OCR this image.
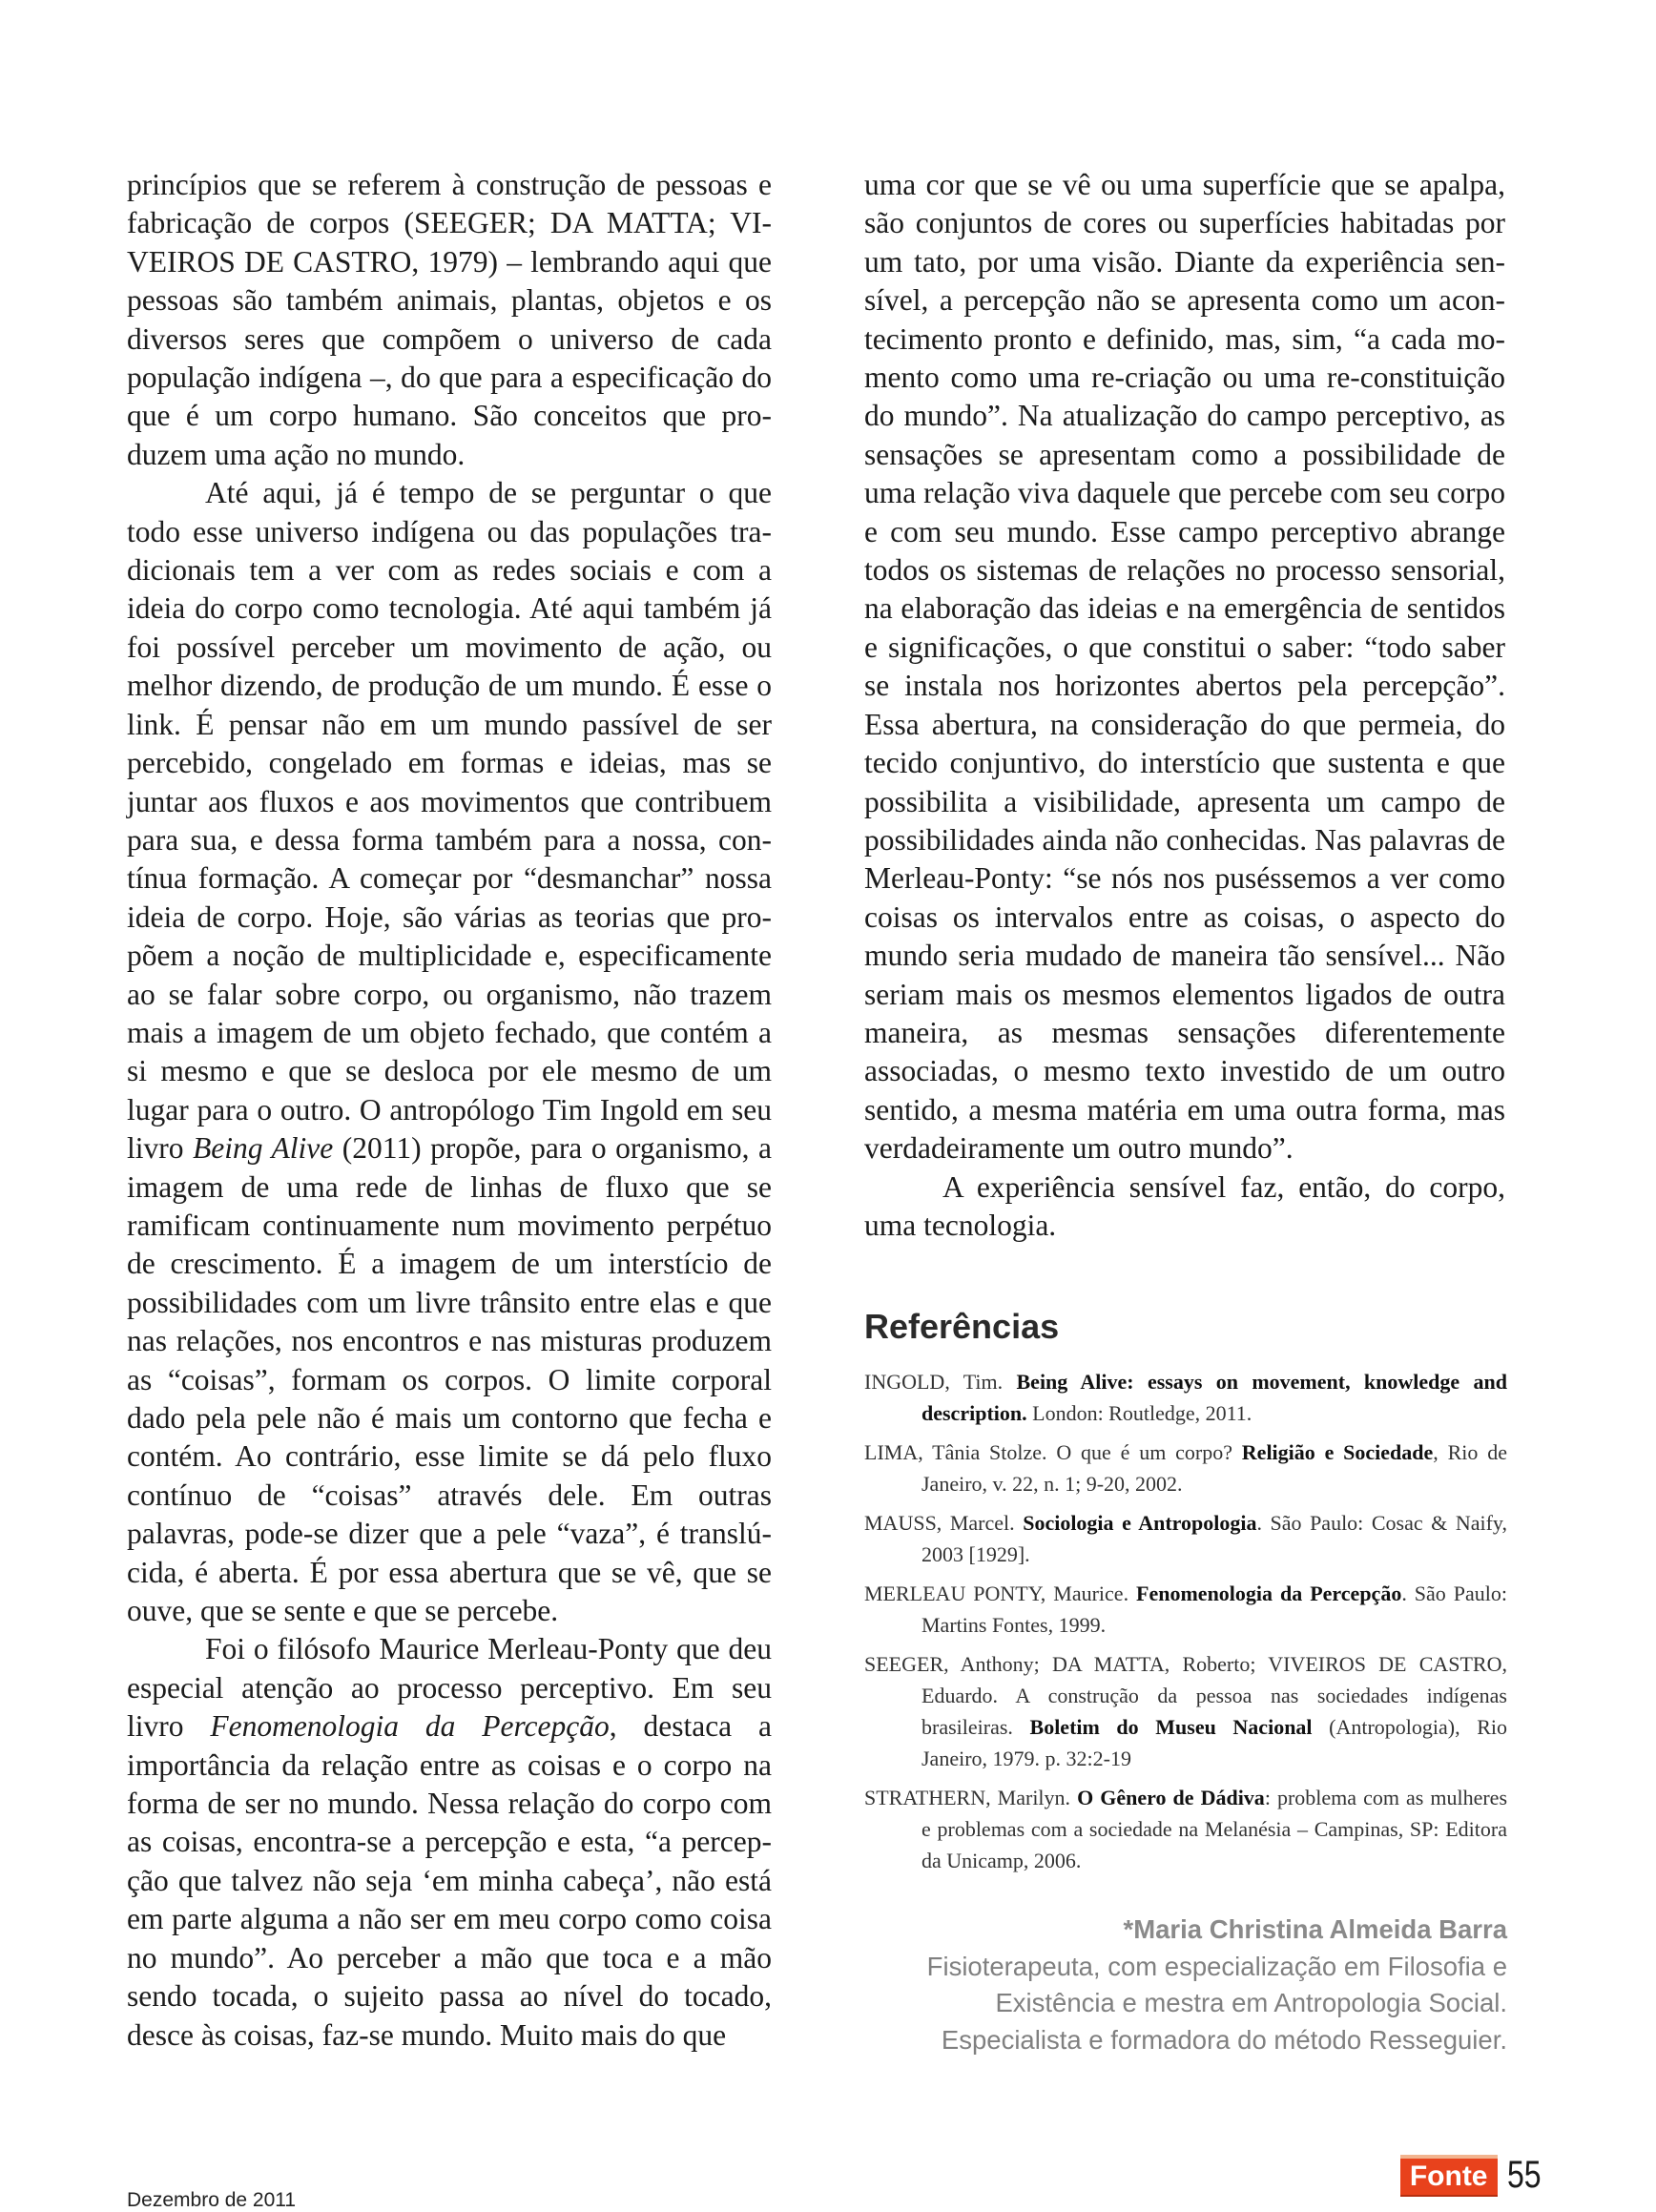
princípios que se referem à construção de pessoas e fabricação de corpos (SEEGER; DA MATTA; VIVEIROS DE CASTRO, 1979) – lembrando aqui que pessoas são também animais, plantas, objetos e os diversos seres que compõem o universo de cada população indígena –, do que para a especificação do que é um corpo humano. São conceitos que produzem uma ação no mundo.

Até aqui, já é tempo de se perguntar o que todo esse universo indígena ou das populações tradicionais tem a ver com as redes sociais e com a ideia do corpo como tecnologia. Até aqui também já foi possível perceber um movimento de ação, ou melhor dizendo, de produção de um mundo. É esse o link. É pensar não em um mundo passível de ser percebido, congelado em formas e ideias, mas se juntar aos fluxos e aos movimentos que contribuem para sua, e dessa forma também para a nossa, contínua formação. A começar por “desmanchar” nossa ideia de corpo. Hoje, são várias as teorias que propõem a noção de multiplicidade e, especificamente ao se falar sobre corpo, ou organismo, não trazem mais a imagem de um objeto fechado, que contém a si mesmo e que se desloca por ele mesmo de um lugar para o outro. O antropólogo Tim Ingold em seu livro Being Alive (2011) propõe, para o organismo, a imagem de uma rede de linhas de fluxo que se ramificam continuamente num movimento perpétuo de crescimento. É a imagem de um interstício de possibilidades com um livre trânsito entre elas e que nas relações, nos encontros e nas misturas produzem as “coisas”, formam os corpos. O limite corporal dado pela pele não é mais um contorno que fecha e contém. Ao contrário, esse limite se dá pelo fluxo contínuo de “coisas” através dele. Em outras palavras, pode-se dizer que a pele “vaza”, é translúcida, é aberta. É por essa abertura que se vê, que se ouve, que se sente e que se percebe.

Foi o filósofo Maurice Merleau-Ponty que deu especial atenção ao processo perceptivo. Em seu livro Fenomenologia da Percepção, destaca a importância da relação entre as coisas e o corpo na forma de ser no mundo. Nessa relação do corpo com as coisas, encontra-se a percepção e esta, “a percepção que talvez não seja ‘em minha cabeça’, não está em parte alguma a não ser em meu corpo como coisa no mundo”. Ao perceber a mão que toca e a mão sendo tocada, o sujeito passa ao nível do tocado, desce às coisas, faz-se mundo. Muito mais do que

uma cor que se vê ou uma superfície que se apalpa, são conjuntos de cores ou superfícies habitadas por um tato, por uma visão. Diante da experiência sensível, a percepção não se apresenta como um acontecimento pronto e definido, mas, sim, “a cada momento como uma re-criação ou uma re-constituição do mundo”. Na atualização do campo perceptivo, as sensações se apresentam como a possibilidade de uma relação viva daquele que percebe com seu corpo e com seu mundo. Esse campo perceptivo abrange todos os sistemas de relações no processo sensorial, na elaboração das ideias e na emergência de sentidos e significações, o que constitui o saber: “todo saber se instala nos horizontes abertos pela percepção”. Essa abertura, na consideração do que permeia, do tecido conjuntivo, do interstício que sustenta e que possibilita a visibilidade, apresenta um campo de possibilidades ainda não conhecidas. Nas palavras de Merleau-Ponty: “se nós nos puséssemos a ver como coisas os intervalos entre as coisas, o aspecto do mundo seria mudado de maneira tão sensível... Não seriam mais os mesmos elementos ligados de outra maneira, as mesmas sensações diferentemente associadas, o mesmo texto investido de um outro sentido, a mesma matéria em uma outra forma, mas verdadeiramente um outro mundo”.

A experiência sensível faz, então, do corpo, uma tecnologia.

Referências

INGOLD, Tim. Being Alive: essays on movement, knowledge and description. London: Routledge, 2011.

LIMA, Tânia Stolze. O que é um corpo? Religião e Sociedade, Rio de Janeiro, v. 22, n. 1; 9-20, 2002.

MAUSS, Marcel. Sociologia e Antropologia. São Paulo: Cosac & Naify, 2003 [1929].

MERLEAU PONTY, Maurice. Fenomenologia da Percepção. São Paulo: Martins Fontes, 1999.

SEEGER, Anthony; DA MATTA, Roberto; VIVEIROS DE CASTRO, Eduardo. A construção da pessoa nas sociedades indígenas brasileiras. Boletim do Museu Nacional (Antropologia), Rio Janeiro, 1979. p. 32:2-19

STRATHERN, Marilyn. O Gênero de Dádiva: problema com as mulheres e problemas com a sociedade na Melanésia – Campinas, SP: Editora da Unicamp, 2006.

*Maria Christina Almeida Barra
Fisioterapeuta, com especialização em Filosofia e
Existência e mestra em Antropologia Social.
Especialista e formadora do método Resseguier.
Dezembro de 2011
Fonte 55
